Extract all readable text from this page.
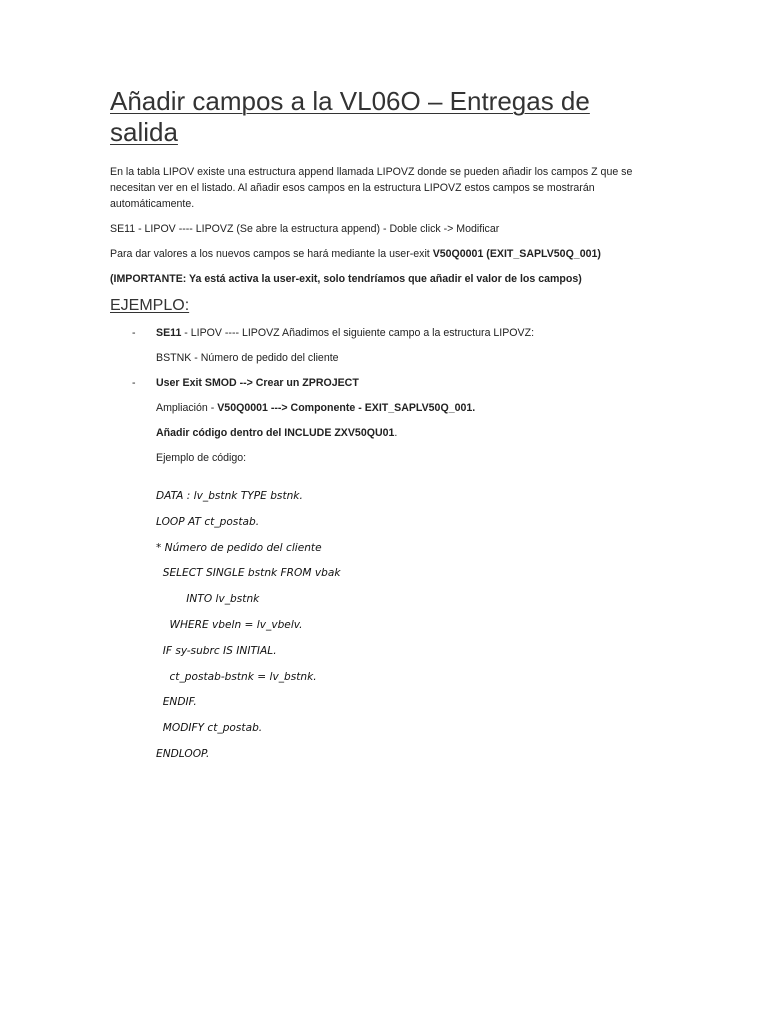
Añadir campos a la VL06O – Entregas de salida

En la tabla LIPOV existe una estructura append llamada LIPOVZ donde se pueden añadir los campos Z que se necesitan ver en el listado. Al añadir esos campos en la estructura LIPOVZ estos campos se mostrarán automáticamente.

SE11 - LIPOV ---- LIPOVZ (Se abre la estructura append) - Doble click -> Modificar

Para dar valores a los nuevos campos se hará mediante la user-exit V50Q0001 (EXIT_SAPLV50Q_001)

(IMPORTANTE: Ya está activa la user-exit, solo tendríamos que añadir el valor de los campos)

EJEMPLO:
- SE11 - LIPOV ---- LIPOVZ Añadimos el siguiente campo a la estructura LIPOVZ:
BSTNK - Número de pedido del cliente
- User Exit SMOD --> Crear un ZPROJECT
Ampliación - V50Q0001 ---> Componente - EXIT_SAPLV50Q_001.
Añadir código dentro del INCLUDE ZXV50QU01.
Ejemplo de código:
DATA : lv_bstnk TYPE bstnk.
LOOP AT ct_postab.
* Número de pedido del cliente
SELECT SINGLE bstnk FROM vbak
INTO lv_bstnk
WHERE vbeln = lv_vbelv.
IF sy-subrc IS INITIAL.
ct_postab-bstnk = lv_bstnk.
ENDIF.
MODIFY ct_postab.
ENDLOOP.
